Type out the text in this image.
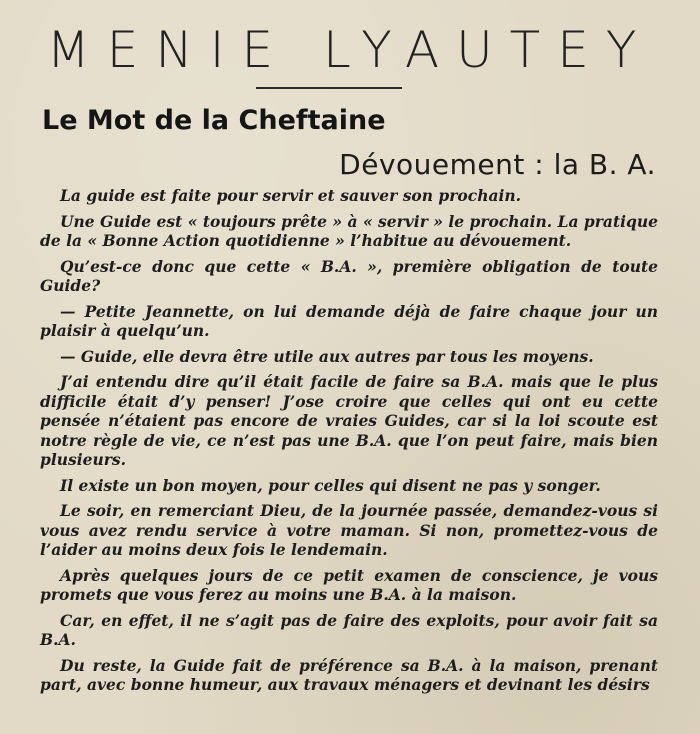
MENIE LYAUTEY
Le Mot de la Cheftaine
Dévouement : la B. A.

La guide est faite pour servir et sauver son prochain.

Une Guide est « toujours prête » à « servir » le prochain. La pratique de la « Bonne Action quotidienne » l’habitue au dévouement.

Qu’est-ce donc que cette « B.A. », première obligation de toute Guide?

— Petite Jeannette, on lui demande déjà de faire chaque jour un plaisir à quelqu’un.

— Guide, elle devra être utile aux autres par tous les moyens.

J’ai entendu dire qu’il était facile de faire sa B.A. mais que le plus difficile était d’y penser! J’ose croire que celles qui ont eu cette pensée n’étaient pas encore de vraies Guides, car si la loi scoute est notre règle de vie, ce n’est pas une B.A. que l’on peut faire, mais bien plusieurs.

Il existe un bon moyen, pour celles qui disent ne pas y songer.

Le soir, en remerciant Dieu, de la journée passée, demandez-vous si vous avez rendu service à votre maman. Si non, promettez-vous de l’aider au moins deux fois le lendemain.

Après quelques jours de ce petit examen de conscience, je vous promets que vous ferez au moins une B.A. à la maison.

Car, en effet, il ne s’agit pas de faire des exploits, pour avoir fait sa B.A.

Du reste, la Guide fait de préférence sa B.A. à la maison, prenant part, avec bonne humeur, aux travaux ménagers et devinant les désirs
